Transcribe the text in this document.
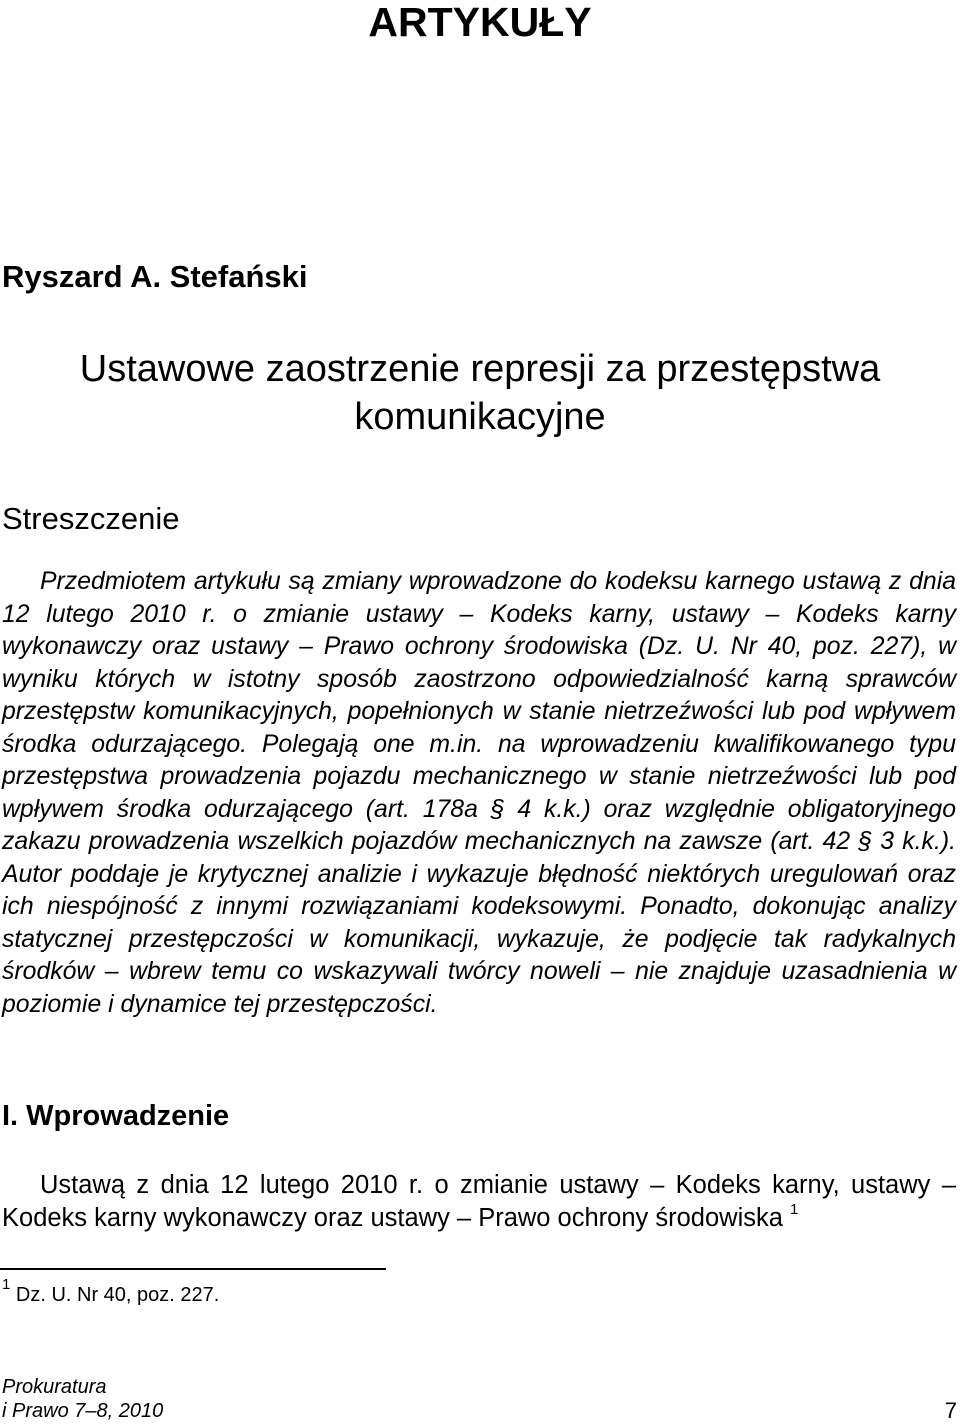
ARTYKUŁY
Ryszard A. Stefański
Ustawowe zaostrzenie represji za przestępstwa
komunikacyjne
Streszczenie

Przedmiotem artykułu są zmiany wprowadzone do kodeksu karnego ustawą z dnia 12 lutego 2010 r. o zmianie ustawy – Kodeks karny, ustawy – Kodeks karny wykonawczy oraz ustawy – Prawo ochrony środowiska (Dz. U. Nr 40, poz. 227), w wyniku których w istotny sposób zaostrzono odpowiedzialność karną sprawców przestępstw komunikacyjnych, popełnionych w stanie nietrzeźwości lub pod wpływem środka odurzającego. Polegają one m.in. na wprowadzeniu kwalifikowanego typu przestępstwa prowadzenia pojazdu mechanicznego w stanie nietrzeźwości lub pod wpływem środka odurzającego (art. 178a § 4 k.k.) oraz względnie obligatoryjnego zakazu prowadzenia wszelkich pojazdów mechanicznych na zawsze (art. 42 § 3 k.k.). Autor poddaje je krytycznej analizie i wykazuje błędność niektórych uregulowań oraz ich niespójność z innymi rozwiązaniami kodeksowymi. Ponadto, dokonując analizy statycznej przestępczości w komunikacji, wykazuje, że podjęcie tak radykalnych środków – wbrew temu co wskazywali twórcy noweli – nie znajduje uzasadnienia w poziomie i dynamice tej przestępczości.

I. Wprowadzenie

Ustawą z dnia 12 lutego 2010 r. o zmianie ustawy – Kodeks karny, ustawy – Kodeks karny wykonawczy oraz ustawy – Prawo ochrony środowiska $^1$

$^1$ Dz. U. Nr 40, poz. 227.
Prokuratura
i Prawo 7–8, 2010	7
